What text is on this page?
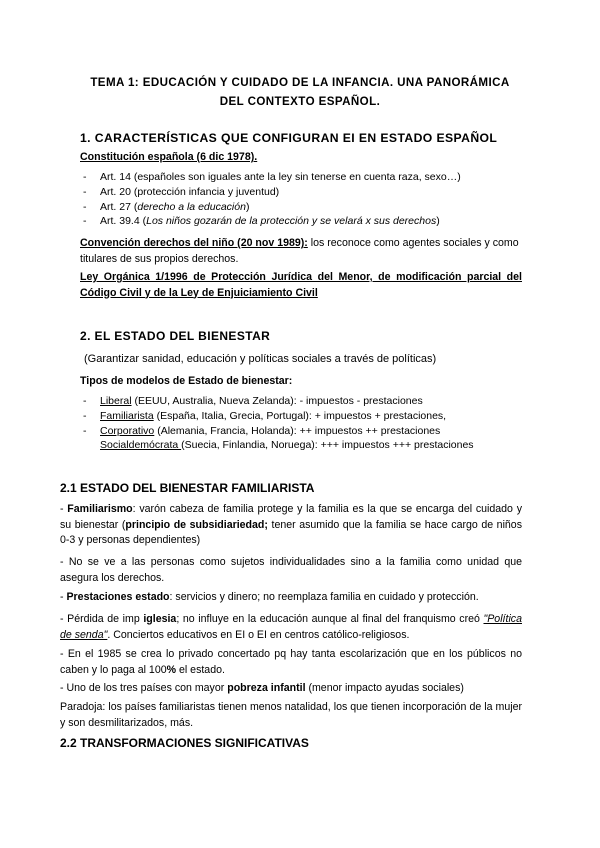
TEMA 1: EDUCACIÓN Y CUIDADO DE LA INFANCIA. UNA PANORÁMICA
DEL CONTEXTO ESPAÑOL.
1. CARACTERÍSTICAS QUE CONFIGURAN EI EN ESTADO ESPAÑOL
Constitución española (6 dic 1978).
- Art. 14 (españoles son iguales ante la ley sin tenerse en cuenta raza, sexo…)
- Art. 20 (protección infancia y juventud)
- Art. 27 (derecho a la educación)
- Art. 39.4 (Los niños gozarán de la protección y se velará x sus derechos)
Convención derechos del niño (20 nov 1989): los reconoce como agentes sociales y como titulares de sus propios derechos.
Ley Orgánica 1/1996 de Protección Jurídica del Menor, de modificación parcial del Código Civil y de la Ley de Enjuiciamiento Civil
2. EL ESTADO DEL BIENESTAR
(Garantizar sanidad, educación y políticas sociales a través de políticas)
Tipos de modelos de Estado de bienestar:
- Liberal (EEUU, Australia, Nueva Zelanda): - impuestos - prestaciones
- Familiarista (España, Italia, Grecia, Portugal): + impuestos + prestaciones,
- Corporativo (Alemania, Francia, Holanda): ++ impuestos ++ prestaciones
Socialdemócrata (Suecia, Finlandia, Noruega): +++ impuestos +++ prestaciones
2.1 ESTADO DEL BIENESTAR FAMILIARISTA
- Familiarismo: varón cabeza de familia protege y la familia es la que se encarga del cuidado y su bienestar (principio de subsidiariedad; tener asumido que la familia se hace cargo de niños 0-3 y personas dependientes)
- No se ve a las personas como sujetos individualidades sino a la familia como unidad que asegura los derechos.
- Prestaciones estado: servicios y dinero; no reemplaza familia en cuidado y protección.
- Pérdida de imp iglesia; no influye en la educación aunque al final del franquismo creó "Política de senda". Conciertos educativos en EI o EI en centros católico-religiosos.
- En el 1985 se crea lo privado concertado pq hay tanta escolarización que en los públicos no caben y lo paga al 100% el estado.
- Uno de los tres países con mayor pobreza infantil (menor impacto ayudas sociales)
Paradoja: los países familiaristas tienen menos natalidad, los que tienen incorporación de la mujer y son desmilitarizados, más.
2.2 TRANSFORMACIONES SIGNIFICATIVAS
